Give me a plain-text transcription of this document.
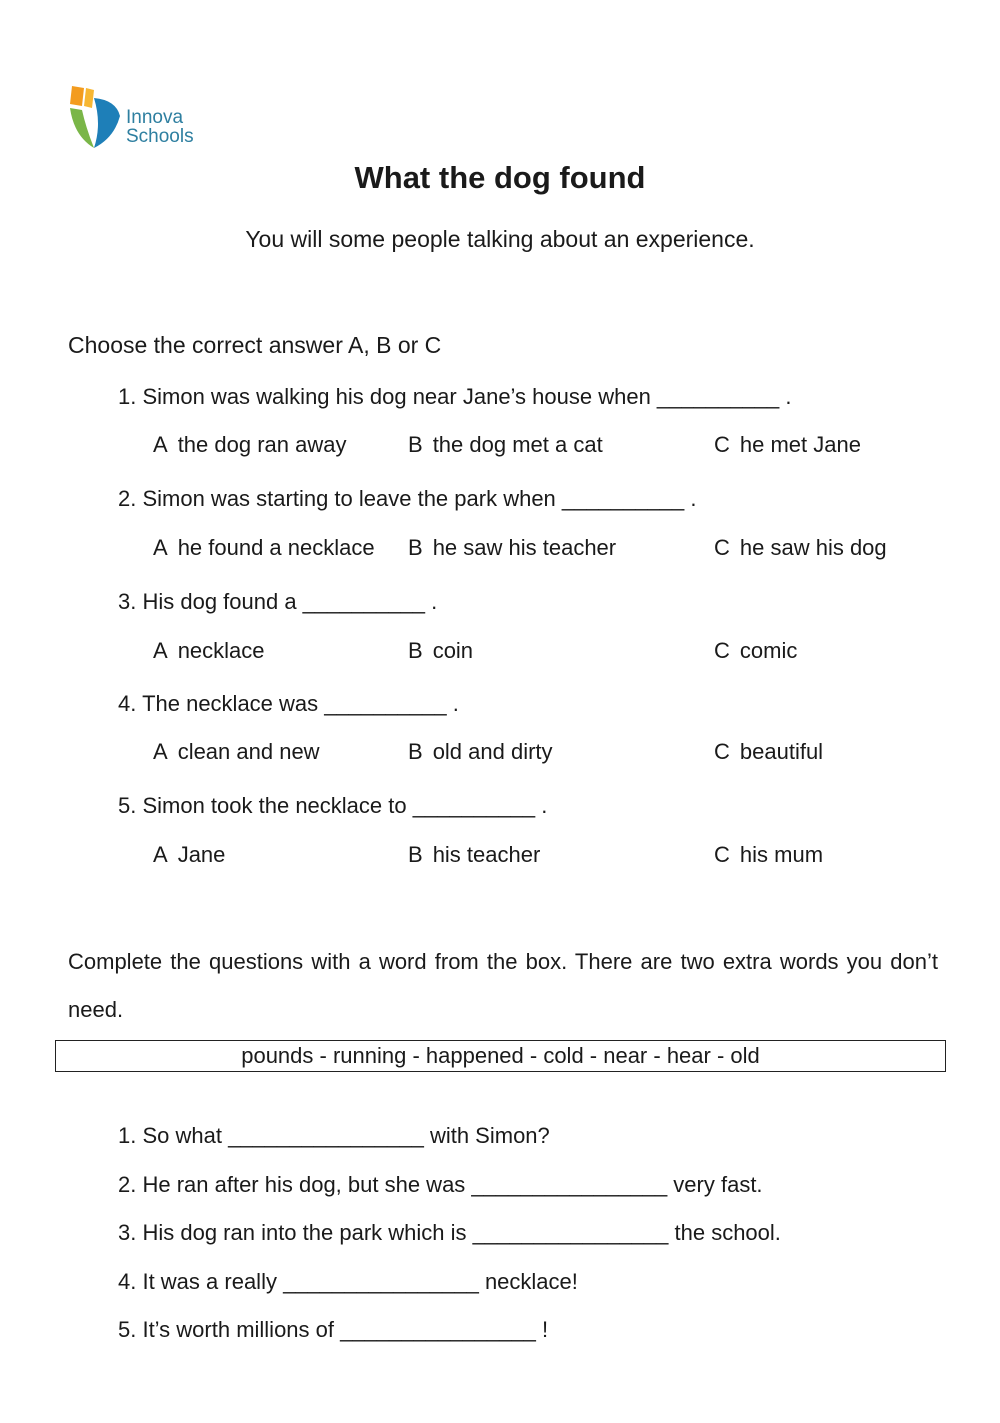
Innova
Schools
What the dog found
You will some people talking about an experience.
Choose the correct answer A, B or C
1. Simon was walking his dog near Jane’s house when __________ .
A the dog ran away	B the dog met a cat	C he met Jane
2. Simon was starting to leave the park when __________ .
A he found a necklace B he saw his teacher	C he saw his dog
3. His dog found a __________ .
A necklace	B coin	C comic
4. The necklace was __________ .
A clean and new	B old and dirty	C beautiful
5. Simon took the necklace to __________ .
A Jane	B his teacher	C his mum
Complete the questions with a word from the box. There are two extra words you don’t need.
pounds - running - happened - cold - near - hear - old
1. So what ________________ with Simon?
2. He ran after his dog, but she was ________________ very fast.
3. His dog ran into the park which is ________________ the school.
4. It was a really ________________ necklace!
5. It’s worth millions of ________________ !
